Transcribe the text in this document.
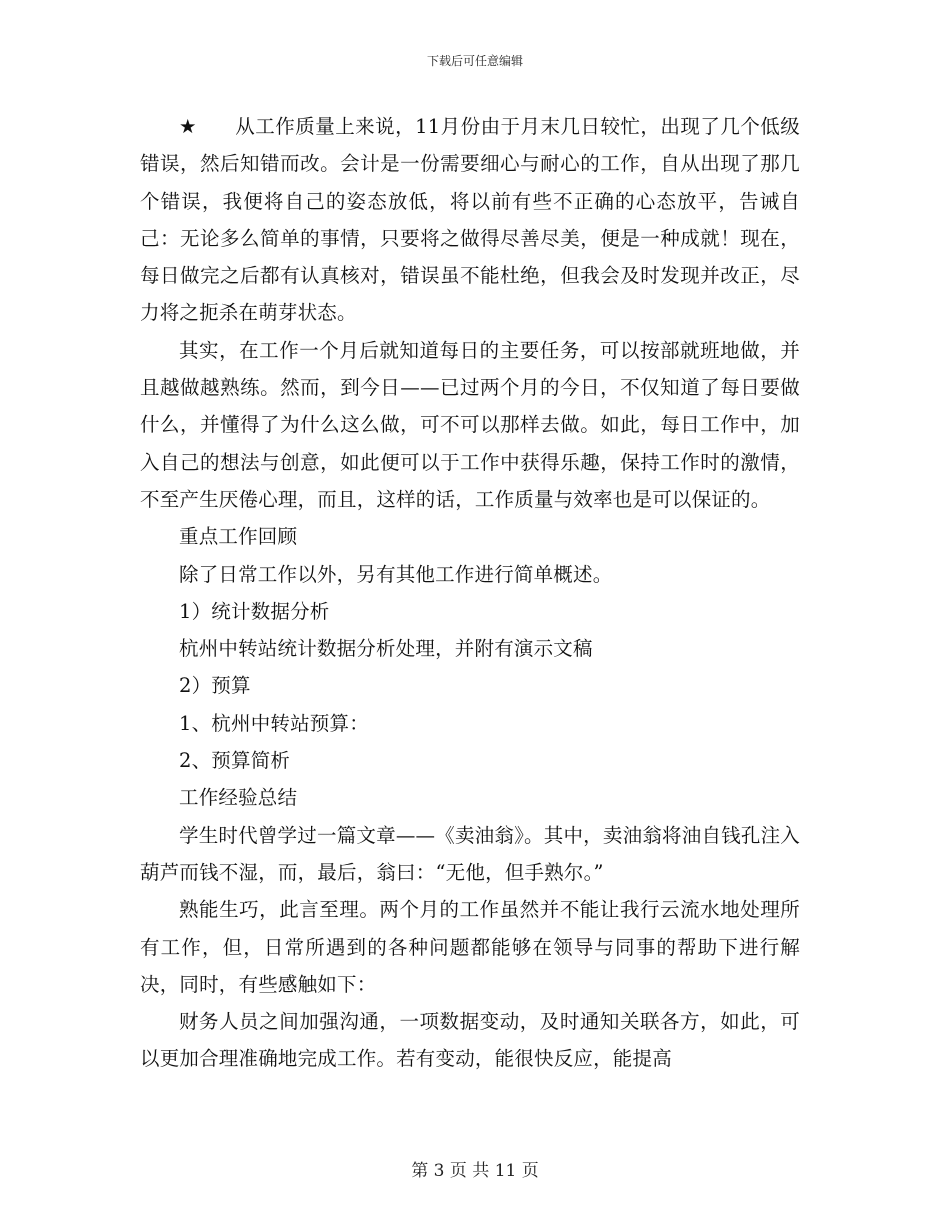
下载后可任意编辑

★ 从工作质量上来说，11月份由于月末几日较忙，出现了几个低级错误，然后知错而改。会计是一份需要细心与耐心的工作，自从出现了那几个错误，我便将自己的姿态放低，将以前有些不正确的心态放平，告诫自己：无论多么简单的事情，只要将之做得尽善尽美，便是一种成就！现在，每日做完之后都有认真核对，错误虽不能杜绝，但我会及时发现并改正，尽力将之扼杀在萌芽状态。

其实，在工作一个月后就知道每日的主要任务，可以按部就班地做，并且越做越熟练。然而，到今日——已过两个月的今日，不仅知道了每日要做什么，并懂得了为什么这么做，可不可以那样去做。如此，每日工作中，加入自己的想法与创意，如此便可以于工作中获得乐趣，保持工作时的激情，不至产生厌倦心理，而且，这样的话，工作质量与效率也是可以保证的。

重点工作回顾

除了日常工作以外，另有其他工作进行简单概述。

1）统计数据分析

杭州中转站统计数据分析处理，并附有演示文稿

2）预算

1、杭州中转站预算：

2、预算简析

工作经验总结

学生时代曾学过一篇文章——《卖油翁》。其中，卖油翁将油自钱孔注入葫芦而钱不湿，而，最后，翁曰：“无他，但手熟尔。”

熟能生巧，此言至理。两个月的工作虽然并不能让我行云流水地处理所有工作，但，日常所遇到的各种问题都能够在领导与同事的帮助下进行解决，同时，有些感触如下：

财务人员之间加强沟通，一项数据变动，及时通知关联各方，如此，可以更加合理准确地完成工作。若有变动，能很快反应，能提高

第 3 页 共 11 页
